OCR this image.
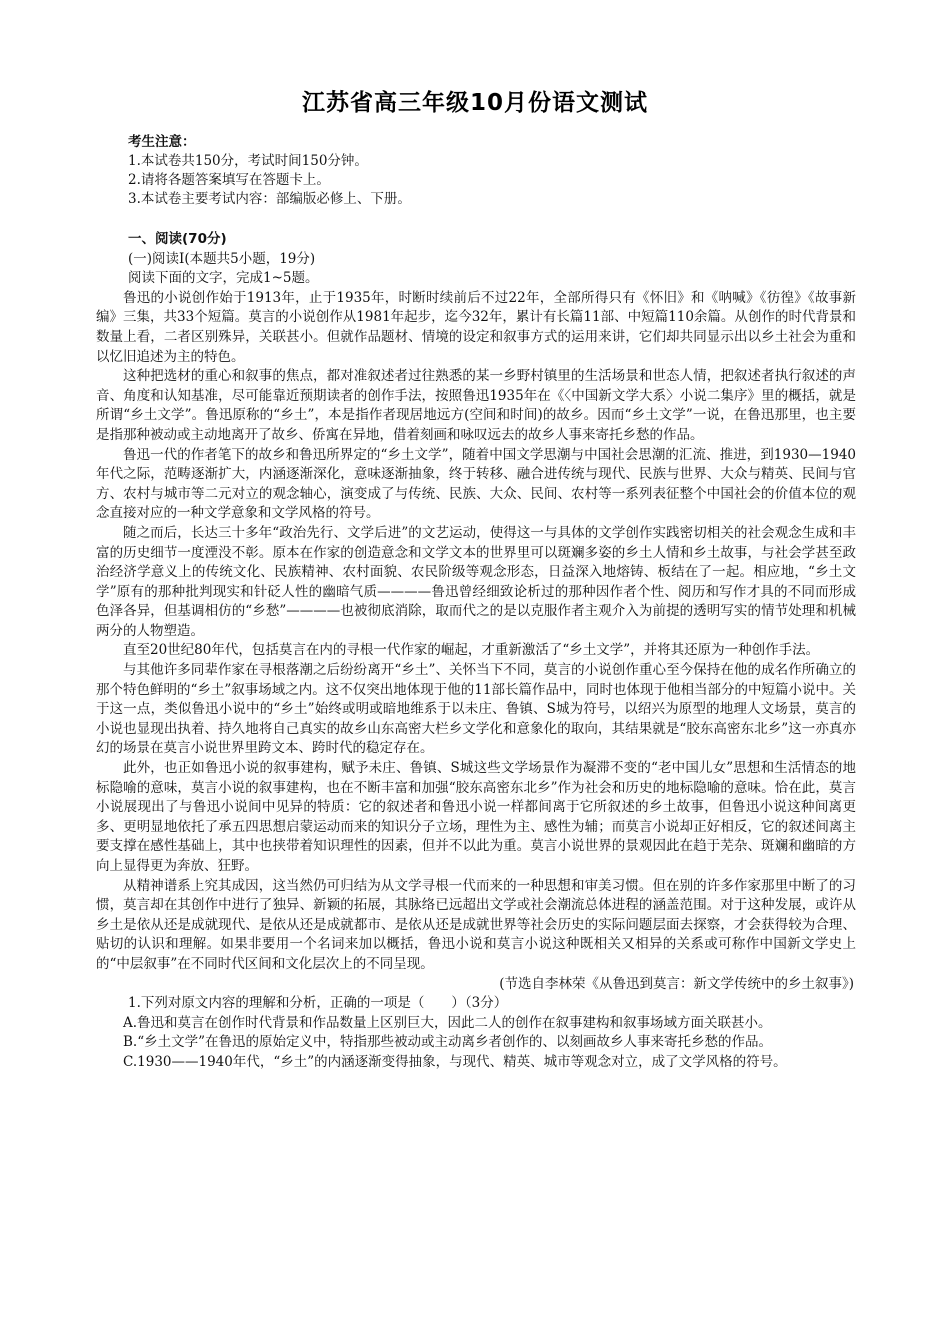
江苏省高三年级10月份语文测试
考生注意：
1.本试卷共150分，考试时间150分钟。
2.请将各题答案填写在答题卡上。
3.本试卷主要考试内容：部编版必修上、下册。
一、阅读(70分)
(一)阅读Ⅰ(本题共5小题，19分)
阅读下面的文字，完成1~5题。
鲁迅的小说创作始于1913年，止于1935年，时断时续前后不过22年，全部所得只有《怀旧》和《呐喊》《彷徨》《故事新编》三集，共33个短篇。莫言的小说创作从1981年起步，迄今32年，累计有长篇11部、中短篇110余篇。从创作的时代背景和数量上看，二者区别殊异，关联甚小。但就作品题材、情境的设定和叙事方式的运用来讲，它们却共同显示出以乡土社会为重和以忆旧追述为主的特色。
这种把选材的重心和叙事的焦点，都对准叙述者过往熟悉的某一乡野村镇里的生活场景和世态人情，把叙述者执行叙述的声音、角度和认知基准，尽可能靠近预期读者的创作手法，按照鲁迅1935年在《〈中国新文学大系〉小说二集序》里的概括，就是所谓“乡土文学”。鲁迅原称的“乡土”，本是指作者现居地远方(空间和时间)的故乡。因而“乡土文学”一说，在鲁迅那里，也主要是指那种被动或主动地离开了故乡、侨寓在异地，借着刻画和咏叹远去的故乡人事来寄托乡愁的作品。
鲁迅一代的作者笔下的故乡和鲁迅所界定的“乡土文学”，随着中国文学思潮与中国社会思潮的汇流、推进，到1930—1940年代之际，范畴逐渐扩大，内涵逐渐深化，意味逐渐抽象，终于转移、融合进传统与现代、民族与世界、大众与精英、民间与官方、农村与城市等二元对立的观念轴心，演变成了与传统、民族、大众、民间、农村等一系列表征整个中国社会的价值本位的观念直接对应的一种文学意象和文学风格的符号。
随之而后，长达三十多年“政治先行、文学后进”的文艺运动，使得这一与具体的文学创作实践密切相关的社会观念生成和丰富的历史细节一度湮没不彰。原本在作家的创造意念和文学文本的世界里可以斑斓多姿的乡土人情和乡土故事，与社会学甚至政治经济学意义上的传统文化、民族精神、农村面貌、农民阶级等观念形态，日益深入地熔铸、板结在了一起。相应地，“乡土文学”原有的那种批判现实和针砭人性的幽暗气质————鲁迅曾经细致论析过的那种因作者个性、阅历和写作才具的不同而形成色泽各异，但基调相仿的“乡愁”————也被彻底消除，取而代之的是以克服作者主观介入为前提的透明写实的情节处理和机械两分的人物塑造。
直至20世纪80年代，包括莫言在内的寻根一代作家的崛起，才重新激活了“乡土文学”，并将其还原为一种创作手法。
与其他许多同辈作家在寻根落潮之后纷纷离开“乡土”、关怀当下不同，莫言的小说创作重心至今保持在他的成名作所确立的那个特色鲜明的“乡土”叙事场域之内。这不仅突出地体现于他的11部长篇作品中，同时也体现于他相当部分的中短篇小说中。关于这一点，类似鲁迅小说中的“乡土”始终或明或暗地维系于以未庄、鲁镇、S城为符号，以绍兴为原型的地理人文场景，莫言的小说也显现出执着、持久地将自己真实的故乡山东高密大栏乡文学化和意象化的取向，其结果就是“胶东高密东北乡”这一亦真亦幻的场景在莫言小说世界里跨文本、跨时代的稳定存在。
此外，也正如鲁迅小说的叙事建构，赋予未庄、鲁镇、S城这些文学场景作为凝滞不变的“老中国儿女”思想和生活情态的地标隐喻的意味，莫言小说的叙事建构，也在不断丰富和加强“胶东高密东北乡”作为社会和历史的地标隐喻的意味。恰在此，莫言小说展现出了与鲁迅小说间中见异的特质：它的叙述者和鲁迅小说一样都间离于它所叙述的乡土故事，但鲁迅小说这种间离更多、更明显地依托了承五四思想启蒙运动而来的知识分子立场，理性为主、感性为辅；而莫言小说却正好相反，它的叙述间离主要支撑在感性基础上，其中也挟带着知识理性的因素，但并不以此为重。莫言小说世界的景观因此在趋于芜杂、斑斓和幽暗的方向上显得更为奔放、狂野。
从精神谱系上究其成因，这当然仍可归结为从文学寻根一代而来的一种思想和审美习惯。但在别的许多作家那里中断了的习惯，莫言却在其创作中进行了独异、新颖的拓展，其脉络已远超出文学或社会潮流总体进程的涵盖范围。对于这种发展，或许从乡土是依从还是成就现代、是依从还是成就都市、是依从还是成就世界等社会历史的实际问题层面去探察，才会获得较为合理、贴切的认识和理解。如果非要用一个名词来加以概括，鲁迅小说和莫言小说这种既相关又相异的关系或可称作中国新文学史上的“中层叙事”在不同时代区间和文化层次上的不同呈现。
(节选自李林荣《从鲁迅到莫言：新文学传统中的乡土叙事》)
1.下列对原文内容的理解和分析，正确的一项是（　　）（3分）
A.鲁迅和莫言在创作时代背景和作品数量上区别巨大，因此二人的创作在叙事建构和叙事场域方面关联甚小。
B.“乡土文学”在鲁迅的原始定义中，特指那些被动或主动离乡者创作的、以刻画故乡人事来寄托乡愁的作品。
C.1930——1940年代，“乡土”的内涵逐渐变得抽象，与现代、精英、城市等观念对立，成了文学风格的符号。
